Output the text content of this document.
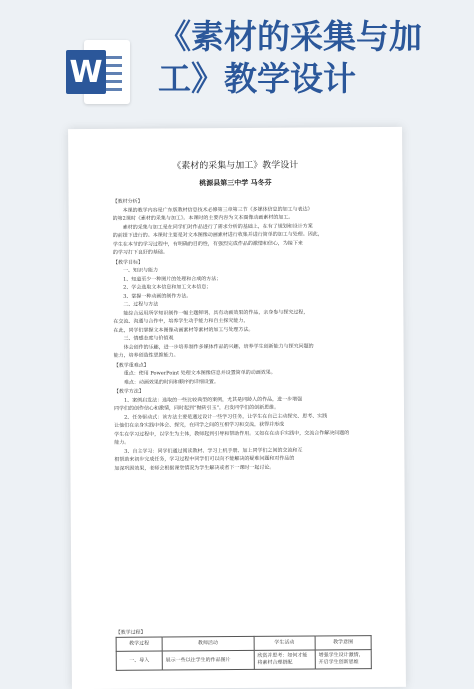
W
《素材的采集与加
工》教学设计
《素材的采集与加工》教学设计
桃源县第三中学 马冬芬

【教材分析】

本课的教学内容是广东版教材信息技术必修第三章第三节《多媒体信息的加工与表达》

的第2课时《素材的采集与加工》。本课时的主要内容为文本图像动画素材的加工。

素材的采集与加工是在同学们对作品进行了需求分析的基础上，在有了规划和设计方案

的前提下进行的。本课时主要是对文本图像动画素材进行收集并进行简单的加工与处理。因此，

学生在本节的学习过程中，有明确的目的性，有强烈完成作品的激情和信心，为接下来

的学习打下良好的基础。

【教学目标】

一、知识与能力

1、知道至少一种图片的处理和合成的方法；

2、学会选取文本信息和加工文本信息；

3、掌握一种动画的制作方法。

二、过程与方法

能综合运用所学知识制作一幅主题鲜明、具有动画效果的作品，亲身参与探究过程，

在交流、沟通与合作中，培养学生动手能力和自主探究能力，

在此，同学们掌握文本图像动画素材等素材的加工与处理方法。

三、情感态度与价值观

体会创作的乐趣，进一步培养制作多媒体作品的兴趣，培养学生创新能力与探究问题的

能力，培养创造性思维能力。

【教学重难点】

重点：使用 PowerPoint 处理文本图像信息并设置简单的动画效果。

难点：动画效果的时间和顺序的详细设置。

【教学方法】

1、案例启发法：选取的一些比较典型的案例，尤其是同龄人的作品，进一步增强

同学们的创作信心和激情，同时起到“抛砖引玉”，启发同学们的创新思维。

2、任务驱动式：该方法主要是通过设计一些学习任务，让学生在自己主动探究、思考、实践

让他们在亲身实践中体会、探究，在同学之间的互相学习和交流，获得并形成

学生在学习过程中，以学生为主体，教师起到引导和帮助作用。又如在在动手实践中，交流合作解决问题的

能力。

3、自主学习：同学们通过阅读教材、学习上机手册、加上同学们之间的交流和互

相帮助来初步完成任务，学习过程中同学们可以向不能解决的疑难问题和对作品的

加深巩固效果，老师会根据课堂情况为学生解决或者下一课时一起讨论。

【教学过程】
教学过程	教师活动	学生活动	教学意图
一、导入	展示一些以往学生的作品图片	欣赏并思考：如何才能将素材合理搭配	增强学生设计激情，开启学生创新思维
